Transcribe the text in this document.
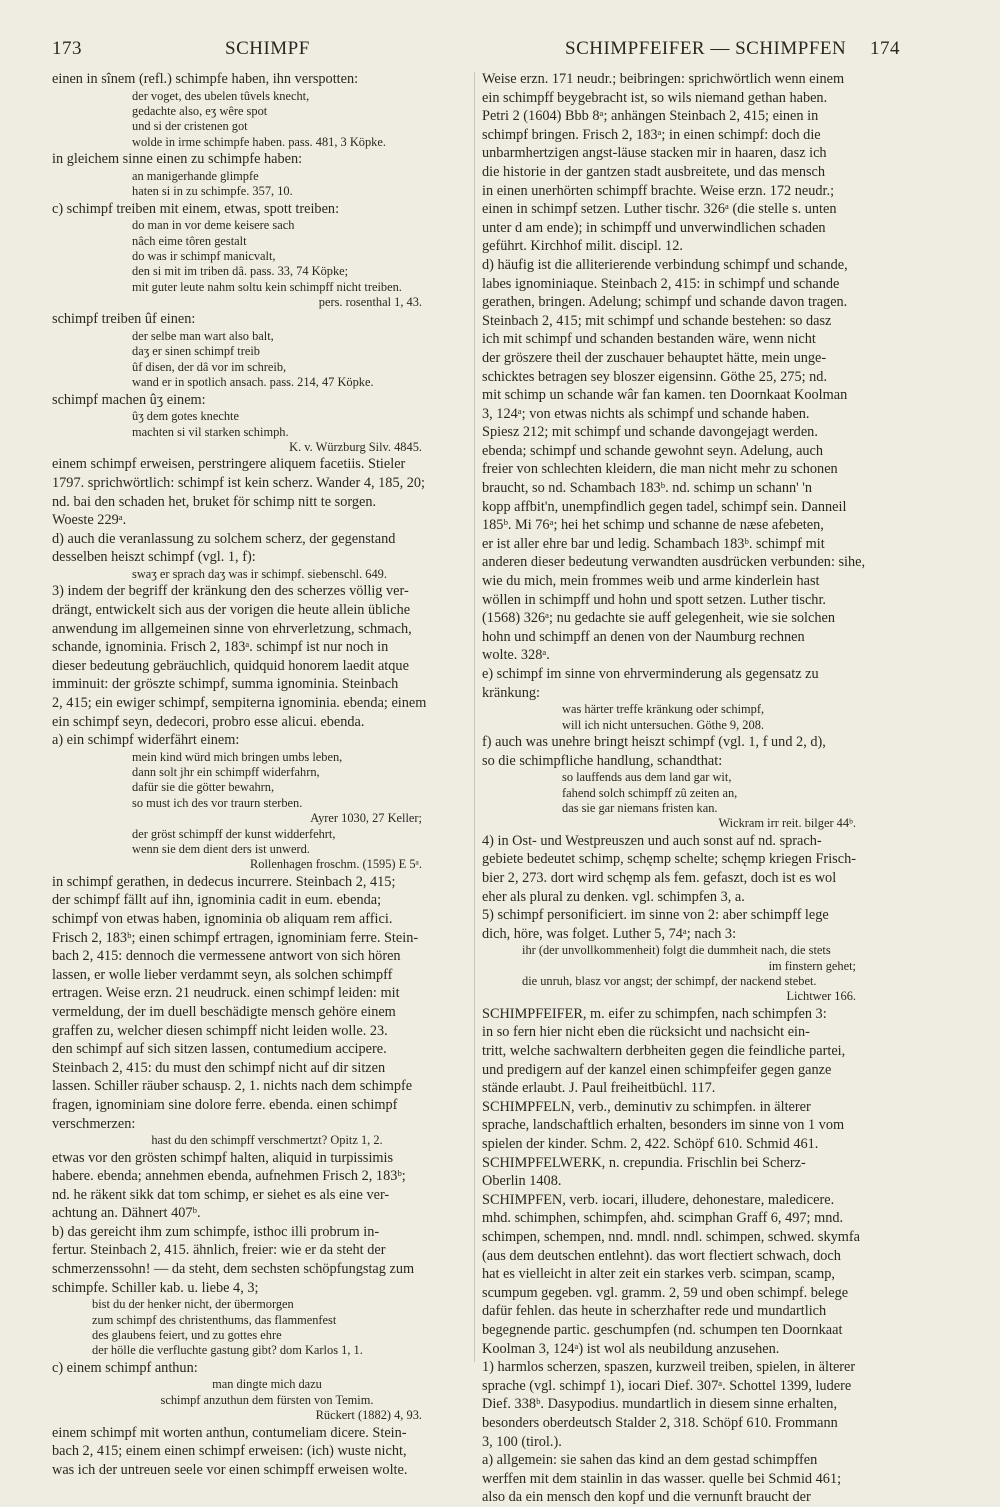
173	SCHIMPF	SCHIMPFEIFER — SCHIMPFEN 174
einen in sînem (refl.) schimpfe haben, ihn verspotten:
der voget, des ubelen tûvels knecht,
gedachte also, eʒ wêre spot
und si der cristenen got
wolde in irme schimpfe haben. pass. 481, 3 Köpke.
in gleichem sinne einen zu schimpfe haben:
an manigerhande glimpfe
haten si in zu schimpfe. 357, 10.
c) schimpf treiben mit einem, etwas, spott treiben:
do man in vor deme keisere sach
nâch eime tôren gestalt
do was ir schimpf manicvalt,
den si mit im triben dâ. pass. 33, 74 Köpke;
mit guter leute nahm soltu kein schimpff nicht treiben.
pers. rosenthal 1, 43.
schimpf treiben ûf einen:
der selbe man wart also balt,
daʒ er sinen schimpf treib
ûf disen, der dâ vor im schreib,
wand er in spotlich ansach. pass. 214, 47 Köpke.
schimpf machen ûʒ einem:
ûʒ dem gotes knechte
machten si vil starken schimph.
K. v. Würzburg Silv. 4845.
einem schimpf erweisen, perstringere aliquem facetiis. Stieler
1797. sprichwörtlich: schimpf ist kein scherz. Wander 4, 185, 20;
nd. bai den schaden het, bruket för schimp nitt te sorgen.
Woeste 229ᵃ.
d) auch die veranlassung zu solchem scherz, der gegenstand
desselben heiszt schimpf (vgl. 1, f):
swaʒ er sprach daʒ was ir schimpf. siebenschl. 649.
3) indem der begriff der kränkung den des scherzes völlig ver-
drängt, entwickelt sich aus der vorigen die heute allein übliche
anwendung im allgemeinen sinne von ehrverletzung, schmach,
schande, ignominia. Frisch 2, 183ᵃ. schimpf ist nur noch in
dieser bedeutung gebräuchlich, quidquid honorem laedit atque
imminuit: der gröszte schimpf, summa ignominia. Steinbach
2, 415; ein ewiger schimpf, sempiterna ignominia. ebenda; einem
ein schimpf seyn, dedecori, probro esse alicui. ebenda.
a) ein schimpf widerfährt einem:
mein kind würd mich bringen umbs leben,
dann solt jhr ein schimpff widerfahrn,
dafür sie die götter bewahrn,
so must ich des vor traurn sterben.
Ayrer 1030, 27 Keller;
der gröst schimpff der kunst widderfehrt,
wenn sie dem dient ders ist unwerd.
Rollenhagen froschm. (1595) E 5ᵃ.
in schimpf gerathen, in dedecus incurrere. Steinbach 2, 415;
der schimpf fällt auf ihn, ignominia cadit in eum. ebenda;
schimpf von etwas haben, ignominia ob aliquam rem affici.
Frisch 2, 183ᵇ; einen schimpf ertragen, ignominiam ferre. Stein-
bach 2, 415: dennoch die vermessene antwort von sich hören
lassen, er wolle lieber verdammt seyn, als solchen schimpff
ertragen. Weise erzn. 21 neudruck. einen schimpf leiden: mit
vermeldung, der im duell beschädigte mensch gehöre einem
graffen zu, welcher diesen schimpff nicht leiden wolle. 23.
den schimpf auf sich sitzen lassen, contumedium accipere.
Steinbach 2, 415: du must den schimpf nicht auf dir sitzen
lassen. Schiller räuber schausp. 2, 1. nichts nach dem schimpfe
fragen, ignominiam sine dolore ferre. ebenda. einen schimpf
verschmerzen:
hast du den schimpff verschmertzt? Opitz 1, 2.
etwas vor den grösten schimpf halten, aliquid in turpissimis
habere. ebenda; annehmen ebenda, aufnehmen Frisch 2, 183ᵇ;
nd. he räkent sikk dat tom schimp, er siehet es als eine ver-
achtung an. Dähnert 407ᵇ.
b) das gereicht ihm zum schimpfe, isthoc illi probrum in-
fertur. Steinbach 2, 415. ähnlich, freier: wie er da steht der
schmerzenssohn! — da steht, dem sechsten schöpfungstag zum
schimpfe. Schiller kab. u. liebe 4, 3;
bist du der henker nicht, der übermorgen
zum schimpf des christenthums, das flammenfest
des glaubens feiert, und zu gottes ehre
der hölle die verfluchte gastung gibt? dom Karlos 1, 1.
c) einem schimpf anthun:
man dingte mich dazu
schimpf anzuthun dem fürsten von Temim.
Rückert (1882) 4, 93.
einem schimpf mit worten anthun, contumeliam dicere. Stein-
bach 2, 415; einem einen schimpf erweisen: (ich) wuste nicht,
was ich der untreuen seele vor einen schimpff erweisen wolte.
Weise erzn. 171 neudr.; beibringen: sprichwörtlich wenn einem
ein schimpff beygebracht ist, so wils niemand gethan haben.
Petri 2 (1604) Bbb 8ᵃ; anhängen Steinbach 2, 415; einen in
schimpf bringen. Frisch 2, 183ᵃ; in einen schimpf: doch die
unbarmhertzigen angst-läuse stacken mir in haaren, dasz ich
die historie in der gantzen stadt ausbreitete, und das mensch
in einen unerhörten schimpff brachte. Weise erzn. 172 neudr.;
einen in schimpf setzen. Luther tischr. 326ᵃ (die stelle s. unten
unter d am ende); in schimpff und unverwindlichen schaden
geführt. Kirchhof milit. discipl. 12.
d) häufig ist die alliterierende verbindung schimpf und schande,
labes ignominiaque. Steinbach 2, 415: in schimpf und schande
gerathen, bringen. Adelung; schimpf und schande davon tragen.
Steinbach 2, 415; mit schimpf und schande bestehen: so dasz
ich mit schimpf und schanden bestanden wäre, wenn nicht
der gröszere theil der zuschauer behauptet hätte, mein unge-
schicktes betragen sey bloszer eigensinn. Göthe 25, 275; nd.
mit schimp un schande wâr fan kamen. ten Doornkaat Koolman
3, 124ᵃ; von etwas nichts als schimpf und schande haben.
Spiesz 212; mit schimpf und schande davongejagt werden.
ebenda; schimpf und schande gewohnt seyn. Adelung, auch
freier von schlechten kleidern, die man nicht mehr zu schonen
braucht, so nd. Schambach 183ᵇ. nd. schimp un schann' 'n
kopp affbit'n, unempfindlich gegen tadel, schimpf sein. Danneil
185ᵇ. Mi 76ᵃ; hei het schimp und schanne de næse afebeten,
er ist aller ehre bar und ledig. Schambach 183ᵇ. schimpf mit
anderen dieser bedeutung verwandten ausdrücken verbunden: sihe,
wie du mich, mein frommes weib und arme kinderlein hast
wöllen in schimpff und hohn und spott setzen. Luther tischr.
(1568) 326ᵃ; nu gedachte sie auff gelegenheit, wie sie solchen
hohn und schimpff an denen von der Naumburg rechnen
wolte. 328ᵃ.
e) schimpf im sinne von ehrverminderung als gegensatz zu
kränkung:
was härter treffe kränkung oder schimpf,
will ich nicht untersuchen. Göthe 9, 208.
f) auch was unehre bringt heiszt schimpf (vgl. 1, f und 2, d),
so die schimpfliche handlung, schandthat:
so lauffends aus dem land gar wit,
fahend solch schimpff zû zeiten an,
das sie gar niemans fristen kan.
Wickram irr reit. bilger 44ᵇ.
4) in Ost- und Westpreuszen und auch sonst auf nd. sprach-
gebiete bedeutet schimp, schęmp schelte; schęmp kriegen Frisch-
bier 2, 273. dort wird schęmp als fem. gefaszt, doch ist es wol
eher als plural zu denken. vgl. schimpfen 3, a.
5) schimpf personificiert. im sinne von 2: aber schimpff lege
dich, höre, was folget. Luther 5, 74ᵃ; nach 3:
ihr (der unvollkommenheit) folgt die dummheit nach, die stets
im finstern gehet;
die unruh, blasz vor angst; der schimpf, der nackend stebet.
Lichtwer 166.
SCHIMPFEIFER, m. eifer zu schimpfen, nach schimpfen 3:
in so fern hier nicht eben die rücksicht und nachsicht ein-
tritt, welche sachwaltern derbheiten gegen die feindliche partei,
und predigern auf der kanzel einen schimpfeifer gegen ganze
stände erlaubt. J. Paul freiheitbüchl. 117.
SCHIMPFELN, verb., deminutiv zu schimpfen. in älterer
sprache, landschaftlich erhalten, besonders im sinne von 1 vom
spielen der kinder. Schm. 2, 422. Schöpf 610. Schmid 461.
SCHIMPFELWERK, n. crepundia. Frischlin bei Scherz-
Oberlin 1408.
SCHIMPFEN, verb. iocari, illudere, dehonestare, maledicere.
mhd. schimphen, schimpfen, ahd. scimphan Graff 6, 497; mnd.
schimpen, schempen, nnd. mndl. nndl. schimpen, schwed. skymfa
(aus dem deutschen entlehnt). das wort flectiert schwach, doch
hat es vielleicht in alter zeit ein starkes verb. scimpan, scamp,
scumpum gegeben. vgl. gramm. 2, 59 und oben schimpf. belege
dafür fehlen. das heute in scherzhafter rede und mundartlich
begegnende partic. geschumpfen (nd. schumpen ten Doornkaat
Koolman 3, 124ᵃ) ist wol als neubildung anzusehen.
1) harmlos scherzen, spaszen, kurzweil treiben, spielen, in älterer
sprache (vgl. schimpf 1), iocari Dief. 307ᵃ. Schottel 1399, ludere
Dief. 338ᵇ. Dasypodius. mundartlich in diesem sinne erhalten,
besonders oberdeutsch Stalder 2, 318. Schöpf 610. Frommann
3, 100 (tirol.).
a) allgemein: sie sahen das kind an dem gestad schimpffen
werffen mit dem stainlin in das wasser. quelle bei Schmid 461;
also da ein mensch den kopf und die vernunft braucht der
